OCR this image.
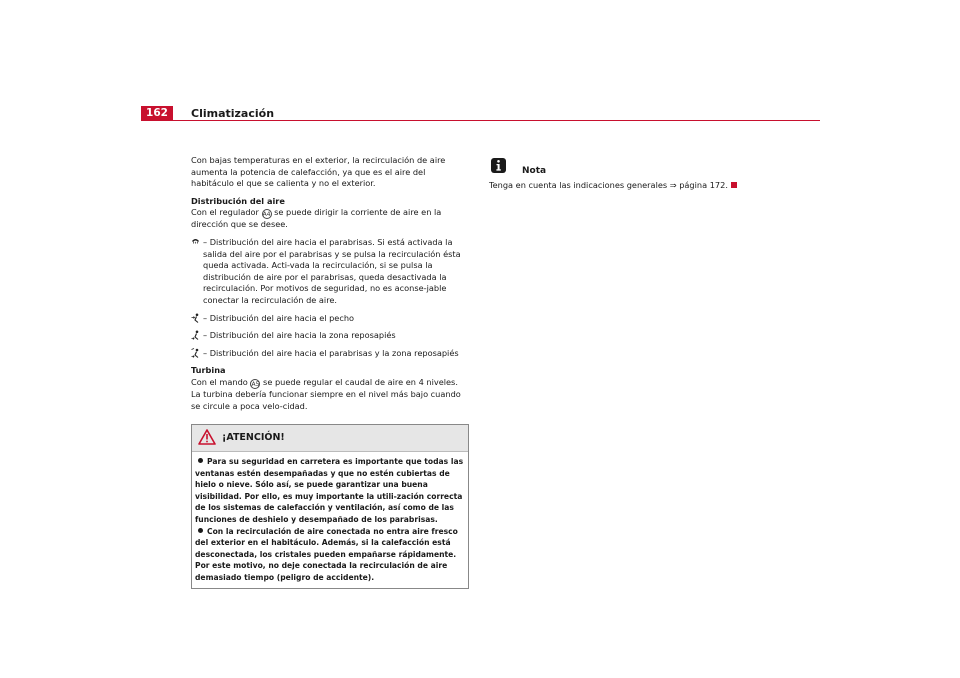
162	Climatización

Con bajas temperaturas en el exterior, la recirculación de aire aumenta la potencia de calefacción, ya que es el aire del habitáculo el que se calienta y no el exterior.

Distribución del aire

Con el regulador A4 se puede dirigir la corriente de aire en la dirección que se desee.

– Distribución del aire hacia el parabrisas. Si está activada la salida del aire por el parabrisas y se pulsa la recirculación ésta queda activada. Acti-vada la recirculación, si se pulsa la distribución de aire por el parabrisas, queda desactivada la recirculación. Por motivos de seguridad, no es aconse-jable conectar la recirculación de aire.
– Distribución del aire hacia el pecho
– Distribución del aire hacia la zona reposapiés
– Distribución del aire hacia el parabrisas y la zona reposapiés

Turbina

Con el mando A5 se puede regular el caudal de aire en 4 niveles. La turbina debería funcionar siempre en el nivel más bajo cuando se circule a poca velo-cidad.

¡ATENCIÓN!

Para su seguridad en carretera es importante que todas las ventanas estén desempañadas y que no estén cubiertas de hielo o nieve. Sólo así, se puede garantizar una buena visibilidad. Por ello, es muy importante la utili-zación correcta de los sistemas de calefacción y ventilación, así como de las funciones de deshielo y desempañado de los parabrisas.

Con la recirculación de aire conectada no entra aire fresco del exterior en el habitáculo. Además, si la calefacción está desconectada, los cristales pueden empañarse rápidamente. Por este motivo, no deje conectada la recirculación de aire demasiado tiempo (peligro de accidente).

Nota

Tenga en cuenta las indicaciones generales ⇒ página 172.
